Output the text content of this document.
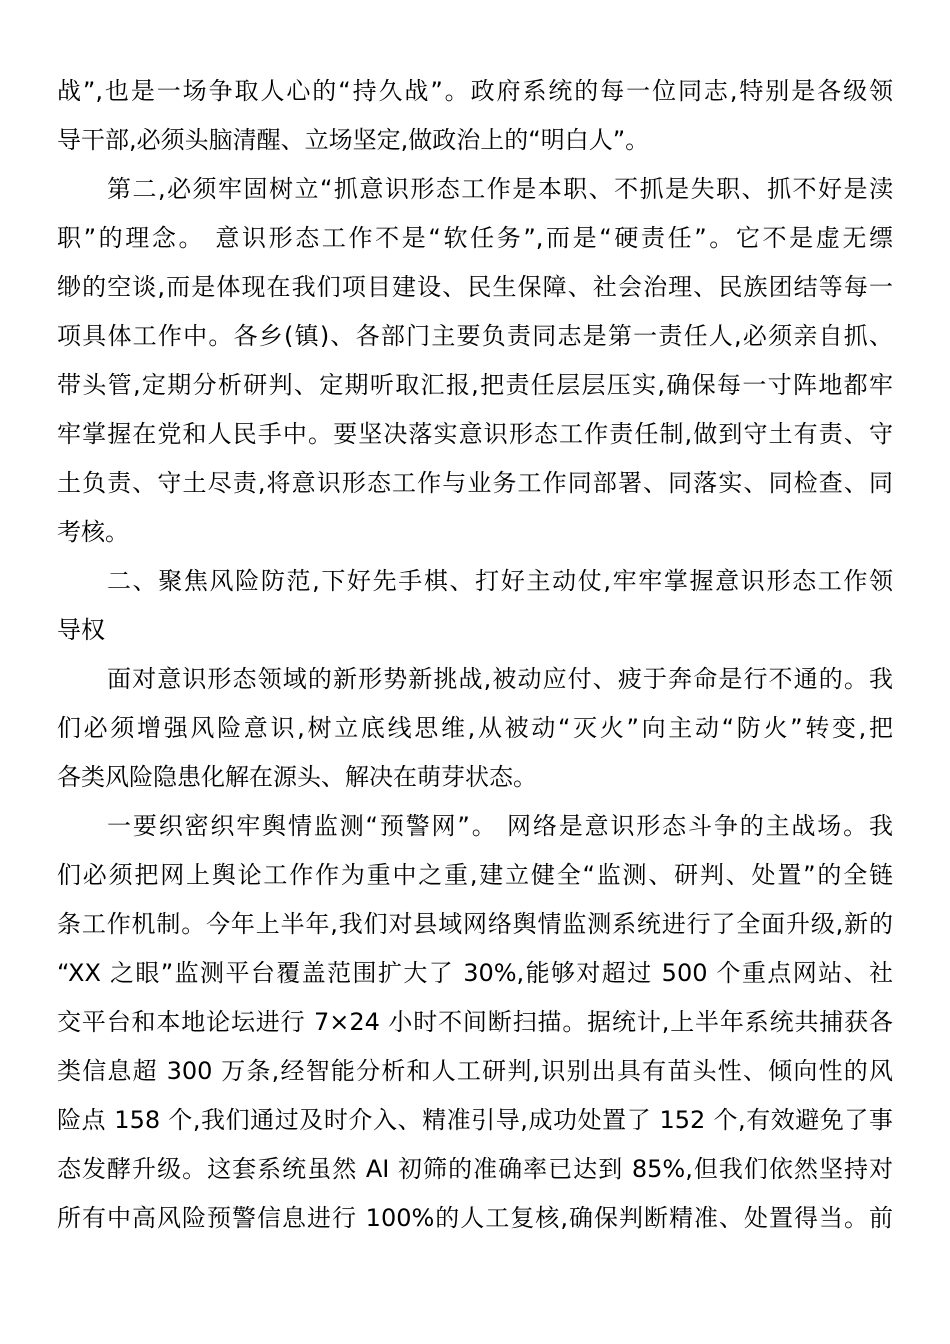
战”,也是一场争取人心的“持久战”。政府系统的每一位同志,特别是各级领
导干部,必须头脑清醒、立场坚定,做政治上的“明白人”。
第二,必须牢固树立“抓意识形态工作是本职、不抓是失职、抓不好是渎
职”的理念。 意识形态工作不是“软任务”,而是“硬责任”。它不是虚无缥
缈的空谈,而是体现在我们项目建设、民生保障、社会治理、民族团结等每一
项具体工作中。各乡(镇)、各部门主要负责同志是第一责任人,必须亲自抓、
带头管,定期分析研判、定期听取汇报,把责任层层压实,确保每一寸阵地都牢
牢掌握在党和人民手中。要坚决落实意识形态工作责任制,做到守土有责、守
土负责、守土尽责,将意识形态工作与业务工作同部署、同落实、同检查、同
考核。
二、聚焦风险防范,下好先手棋、打好主动仗,牢牢掌握意识形态工作领
导权
面对意识形态领域的新形势新挑战,被动应付、疲于奔命是行不通的。我
们必须增强风险意识,树立底线思维,从被动“灭火”向主动“防火”转变,把
各类风险隐患化解在源头、解决在萌芽状态。
一要织密织牢舆情监测“预警网”。 网络是意识形态斗争的主战场。我
们必须把网上舆论工作作为重中之重,建立健全“监测、研判、处置”的全链
条工作机制。今年上半年,我们对县域网络舆情监测系统进行了全面升级,新的
“XX 之眼”监测平台覆盖范围扩大了 30%,能够对超过 500 个重点网站、社
交平台和本地论坛进行 7×24 小时不间断扫描。据统计,上半年系统共捕获各
类信息超 300 万条,经智能分析和人工研判,识别出具有苗头性、倾向性的风
险点 158 个,我们通过及时介入、精准引导,成功处置了 152 个,有效避免了事
态发酵升级。这套系统虽然 AI 初筛的准确率已达到 85%,但我们依然坚持对
所有中高风险预警信息进行 100%的人工复核,确保判断精准、处置得当。前
